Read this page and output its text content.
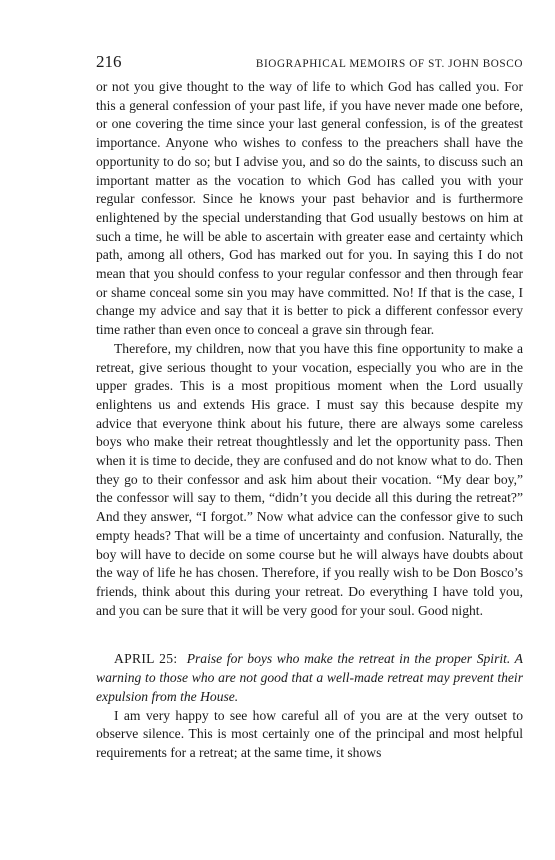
216	BIOGRAPHICAL MEMOIRS OF ST. JOHN BOSCO

or not you give thought to the way of life to which God has called you. For this a general confession of your past life, if you have never made one before, or one covering the time since your last general confession, is of the greatest importance. Anyone who wishes to confess to the preachers shall have the opportunity to do so; but I advise you, and so do the saints, to discuss such an important matter as the vocation to which God has called you with your regular confessor. Since he knows your past behavior and is furthermore enlightened by the special understanding that God usually bestows on him at such a time, he will be able to ascertain with greater ease and certainty which path, among all others, God has marked out for you. In saying this I do not mean that you should confess to your regular confessor and then through fear or shame conceal some sin you may have committed. No! If that is the case, I change my advice and say that it is better to pick a different confessor every time rather than even once to conceal a grave sin through fear.

Therefore, my children, now that you have this fine opportunity to make a retreat, give serious thought to your vocation, especially you who are in the upper grades. This is a most propitious moment when the Lord usually enlightens us and extends His grace. I must say this because despite my advice that everyone think about his future, there are always some careless boys who make their retreat thoughtlessly and let the opportunity pass. Then when it is time to decide, they are confused and do not know what to do. Then they go to their confessor and ask him about their vocation. “My dear boy,” the confessor will say to them, “didn’t you decide all this during the retreat?” And they answer, “I forgot.” Now what advice can the confessor give to such empty heads? That will be a time of uncertainty and confusion. Naturally, the boy will have to decide on some course but he will always have doubts about the way of life he has chosen. Therefore, if you really wish to be Don Bosco’s friends, think about this during your retreat. Do everything I have told you, and you can be sure that it will be very good for your soul. Good night.

APRIL 25: Praise for boys who make the retreat in the proper Spirit. A warning to those who are not good that a well-made retreat may prevent their expulsion from the House.

I am very happy to see how careful all of you are at the very outset to observe silence. This is most certainly one of the principal and most helpful requirements for a retreat; at the same time, it shows
